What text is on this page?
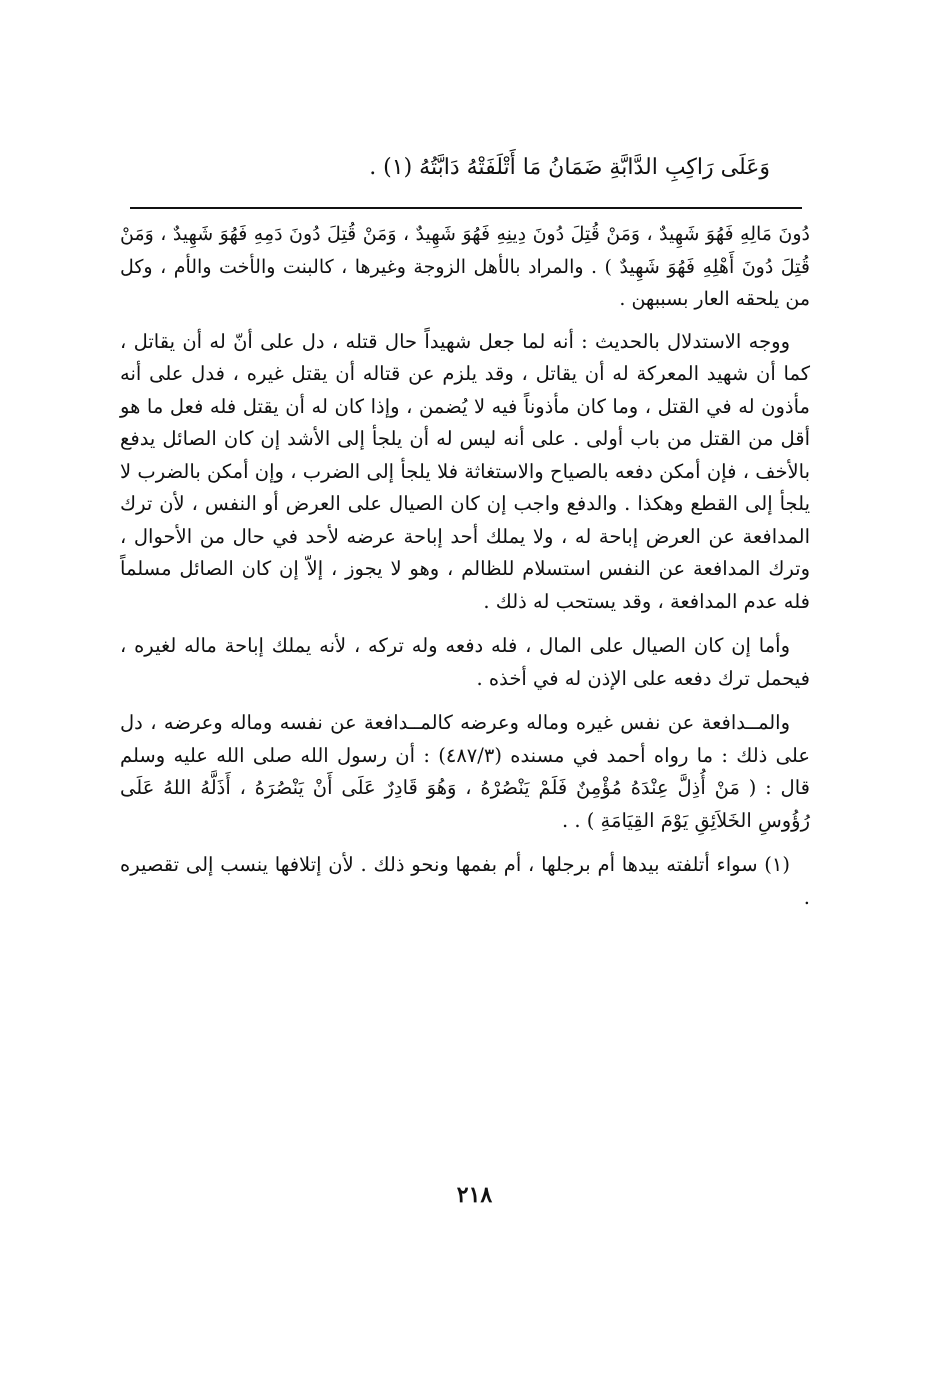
وَعَلَى رَاكِبِ الدَّابَّةِ ضَمَانُ مَا أَتْلَفَتْهُ دَابَّتُهُ (١) .

دُونَ مَالِهِ فَهُوَ شَهِيدٌ ، وَمَنْ قُتِلَ دُونَ دِينِهِ فَهُوَ شَهِيدٌ ، وَمَنْ قُتِلَ دُونَ دَمِهِ فَهُوَ شَهِيدٌ ، وَمَنْ قُتِلَ دُونَ أَهْلِهِ فَهُوَ شَهِيدٌ ) . والمراد بالأهل الزوجة وغيرها ، كالبنت والأخت والأم ، وكل من يلحقه العار بسببهن .

ووجه الاستدلال بالحديث : أنه لما جعل شهيداً حال قتله ، دل على أنّ له أن يقاتل ، كما أن شهيد المعركة له أن يقاتل ، وقد يلزم عن قتاله أن يقتل غيره ، فدل على أنه مأذون له في القتل ، وما كان مأذوناً فيه لا يُضمن ، وإذا كان له أن يقتل فله فعل ما هو أقل من القتل من باب أولى . على أنه ليس له أن يلجأ إلى الأشد إن كان الصائل يدفع بالأخف ، فإن أمكن دفعه بالصياح والاستغاثة فلا يلجأ إلى الضرب ، وإن أمكن بالضرب لا يلجأ إلى القطع وهكذا . والدفع واجب إن كان الصيال على العرض أو النفس ، لأن ترك المدافعة عن العرض إباحة له ، ولا يملك أحد إباحة عرضه لأحد في حال من الأحوال ، وترك المدافعة عن النفس استسلام للظالم ، وهو لا يجوز ، إلاّ إن كان الصائل مسلماً فله عدم المدافعة ، وقد يستحب له ذلك .

وأما إن كان الصيال على المال ، فله دفعه وله تركه ، لأنه يملك إباحة ماله لغيره ، فيحمل ترك دفعه على الإذن له في أخذه .

والمــدافعة عن نفس غيره وماله وعرضه كالمــدافعة عن نفسه وماله وعرضه ، دل على ذلك : ما رواه أحمد في مسنده (٤٨٧/٣) : أن رسول الله صلى الله عليه وسلم قال : ( مَنْ أُذِلَّ عِنْدَهُ مُؤْمِنٌ فَلَمْ يَنْصُرْهُ ، وَهُوَ قَادِرٌ عَلَى أَنْ يَنْصُرَهُ ، أَذَلَّهُ اللهُ عَلَى رُؤُوسِ الخَلاَئِقِ يَوْمَ القِيَامَةِ ) . .

(١) سواء أتلفته بيدها أم برجلها ، أم بفمها ونحو ذلك . لأن إتلافها ينسب إلى تقصيره .

٢١٨
